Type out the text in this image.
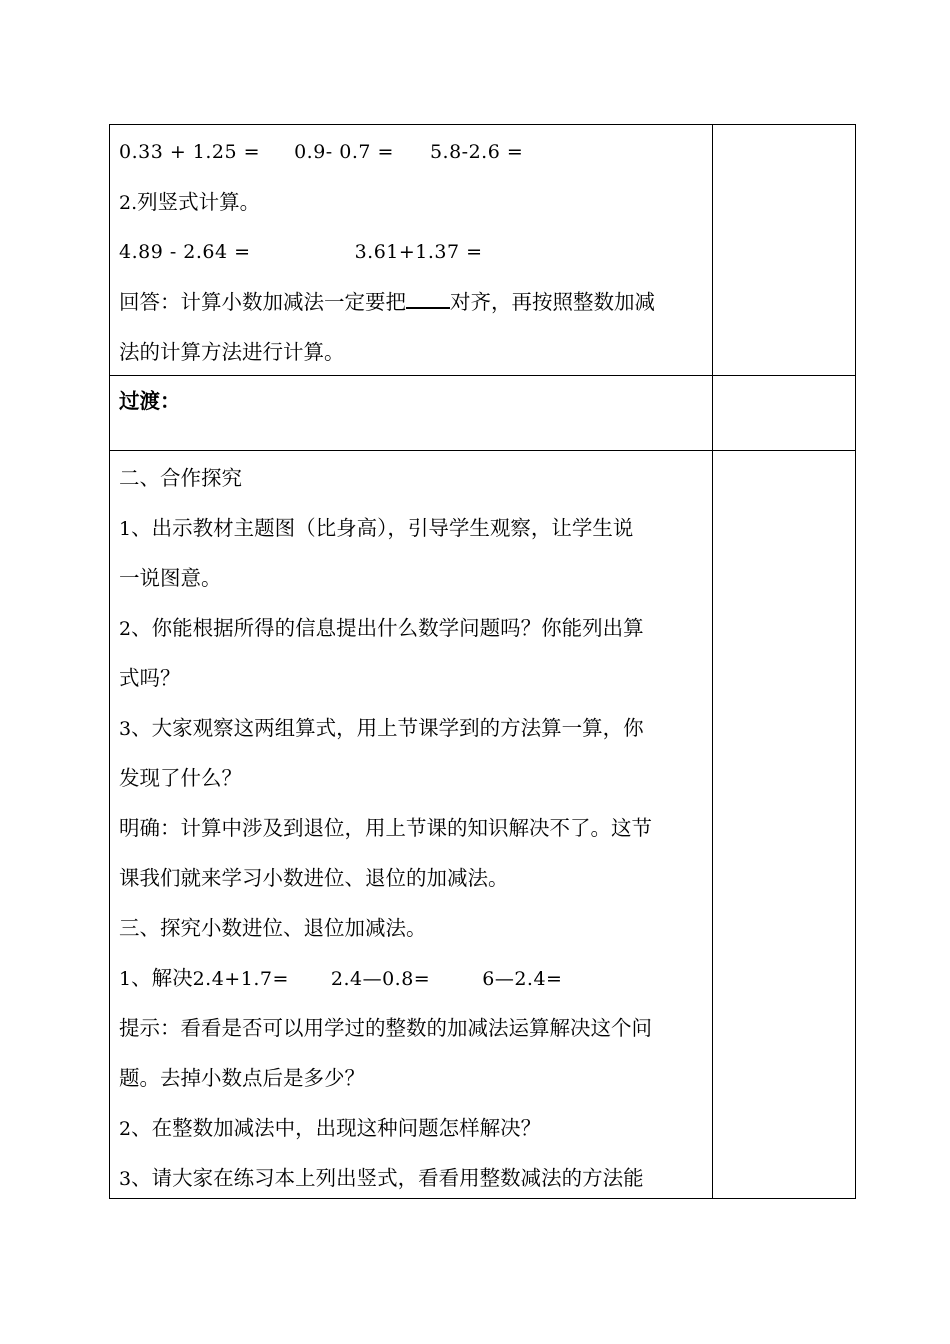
0.33 + 1.25 = 0.9- 0.7 = 5.8-2.6 =
2.列竖式计算。
4.89 - 2.64 =	3.61+1.37 =
回答：计算小数加减法一定要把 对齐，再按照整数加减
法的计算方法进行计算。
过渡：
二、合作探究
1、出示教材主题图（比身高），引导学生观察，让学生说
一说图意。
2、你能根据所得的信息提出什么数学问题吗？你能列出算
式吗？
3、大家观察这两组算式，用上节课学到的方法算一算，你
发现了什么？
明确：计算中涉及到退位，用上节课的知识解决不了。这节
课我们就来学习小数进位、退位的加减法。
三、探究小数进位、退位加减法。
1、解决2.4+1.7= 2.4—0.8=	6—2.4=
提示：看看是否可以用学过的整数的加减法运算解决这个问
题。去掉小数点后是多少？
2、在整数加减法中，出现这种问题怎样解决？
3、请大家在练习本上列出竖式，看看用整数减法的方法能
